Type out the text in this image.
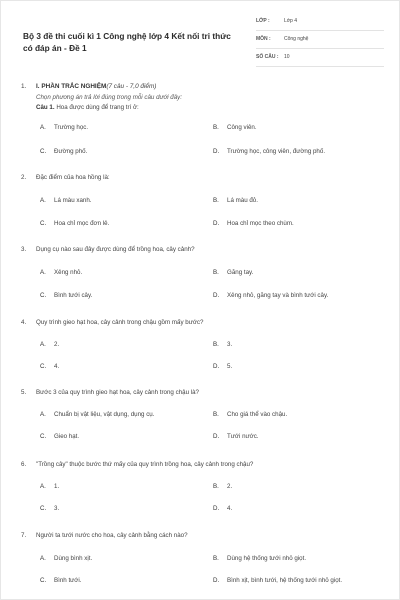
Bộ 3 đề thi cuối kì 1 Công nghệ lớp 4 Kết nối tri thức có đáp án - Đề 1
LỚP :	Lớp 4
MÔN :	Công nghệ
SỐ CÂU : 10
1. I. PHẦN TRẮC NGHIỆM(7 câu - 7,0 điểm)
Chọn phương án trả lời đúng trong mỗi câu dưới đây:
Câu 1. Hoa được dùng để trang trí ở:
A. Trường học.	B. Công viên.
C. Đường phố.	D. Trường học, công viên, đường phố.
2. Đặc điểm của hoa hồng là:
A. Lá màu xanh.	B. Lá màu đỏ.
C. Hoa chỉ mọc đơn lẻ.	D. Hoa chỉ mọc theo chùm.
3. Dụng cụ nào sau đây được dùng để trồng hoa, cây cảnh?
A. Xẻng nhỏ.	B. Găng tay.
C. Bình tưới cây.	D. Xẻng nhỏ, găng tay và bình tưới cây.
4. Quy trình gieo hạt hoa, cây cảnh trong chậu gồm mấy bước?
A. 2.	B. 3.
C. 4.	D. 5.
5. Bước 3 của quy trình gieo hạt hoa, cây cảnh trong chậu là?
A. Chuẩn bị vật liệu, vật dụng, dụng cụ.	B. Cho giá thể vào chậu.
C. Gieo hạt.	D. Tưới nước.
6. "Trồng cây" thuộc bước thứ mấy của quy trình trồng hoa, cây cảnh trong chậu?
A. 1.	B. 2.
C. 3.	D. 4.
7. Người ta tưới nước cho hoa, cây cảnh bằng cách nào?
A. Dùng bình xịt.	B. Dùng hệ thống tưới nhỏ giọt.
C. Bình tưới.	D. Bình xịt, bình tưới, hệ thống tưới nhỏ giọt.
